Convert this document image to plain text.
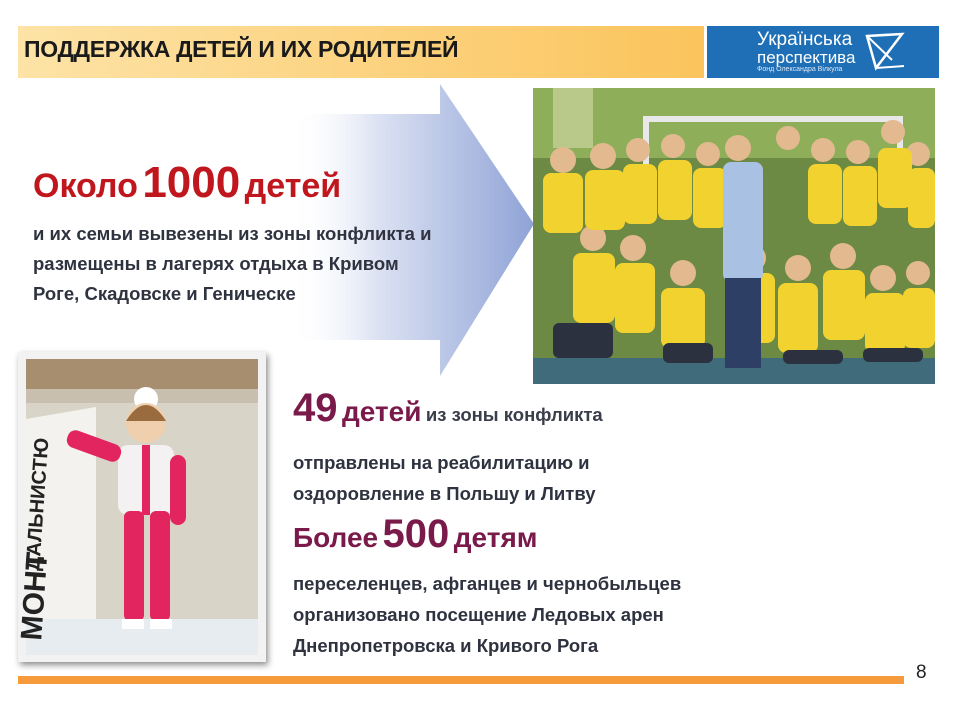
ПОДДЕРЖКА ДЕТЕЙ И ИХ РОДИТЕЛЕЙ	Українська
перспектива
Фонд Олександра Вілкула
Около 1000 детей
и их семьи вывезены из зоны конфликта и размещены в лагерях отдыха в Кривом Роге, Скадовске и Геническе
ДАЛЬНИСТЮ
МОНТ
49 детей из зоны конфликта
отправлены на реабилитацию и оздоровление в Польшу и Литву
Более 500 детям
переселенцев, афганцев и чернобыльцев организовано посещение Ледовых арен Днепропетровска и Кривого Рога
8
